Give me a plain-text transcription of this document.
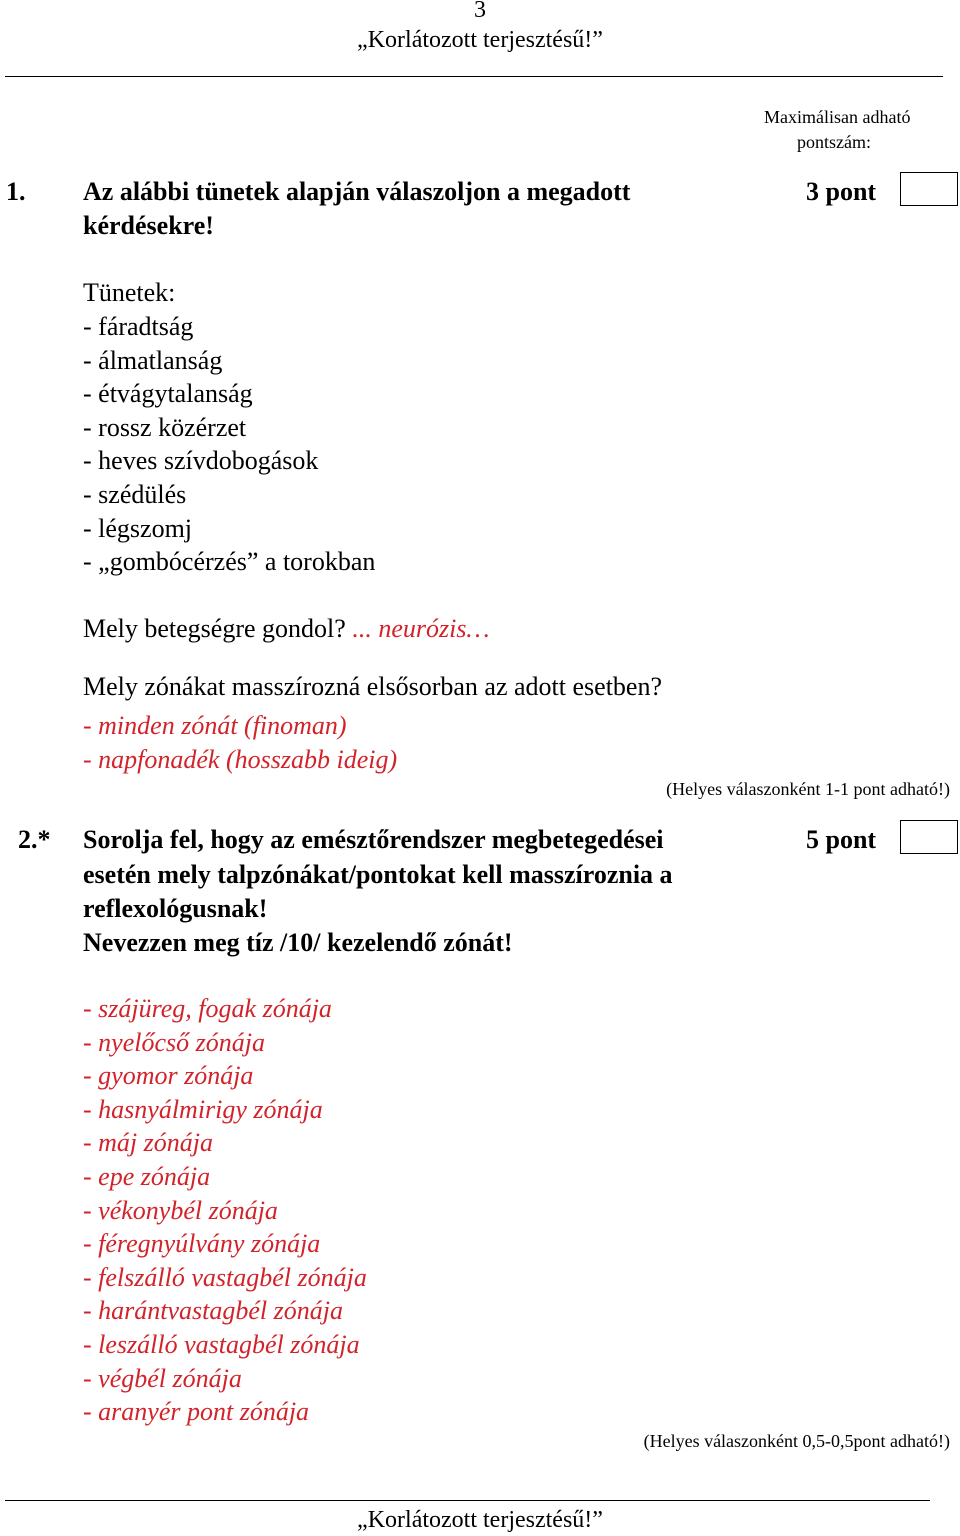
3
„Korlátozott terjesztésű!”
Maximálisan adható
pontszám:
1. Az alábbi tünetek alapján válaszoljon a megadott
kérdésekre!
3 pont
Tünetek:
- fáradtság
- álmatlanság
- étvágytalanság
- rossz közérzet
- heves szívdobogások
- szédülés
- légszomj
- „gombócérzés” a torokban
Mely betegségre gondol? ... neurózis…
Mely zónákat masszírozná elsősorban az adott esetben?
- minden zónát (finoman)
- napfonadék (hosszabb ideig)
(Helyes válaszonként 1-1 pont adható!)
2.* Sorolja fel, hogy az emésztőrendszer megbetegedései
esetén mely talpzónákat/pontokat kell masszíroznia a
reflexológusnak!
Nevezzen meg tíz /10/ kezelendő zónát!
5 pont
- szájüreg, fogak zónája
- nyelőcső zónája
- gyomor zónája
- hasnyálmirigy zónája
- máj zónája
- epe zónája
- vékonybél zónája
- féregnyúlvány zónája
- felszálló vastagbél zónája
- harántvastagbél zónája
- leszálló vastagbél zónája
- végbél zónája
- aranyér pont zónája
(Helyes válaszonként 0,5-0,5pont adható!)
„Korlátozott terjesztésű!”
